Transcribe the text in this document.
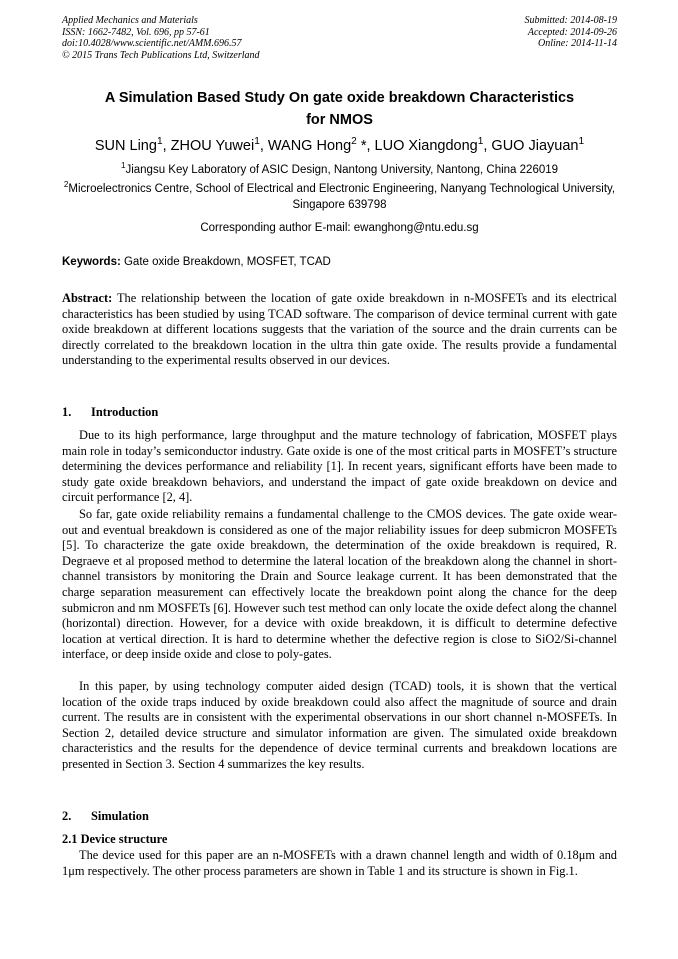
Applied Mechanics and Materials
ISSN: 1662-7482, Vol. 696, pp 57-61
doi:10.4028/www.scientific.net/AMM.696.57
© 2015 Trans Tech Publications Ltd, Switzerland
Submitted: 2014-08-19
Accepted: 2014-09-26
Online: 2014-11-14
A Simulation Based Study On gate oxide breakdown Characteristics
for NMOS
SUN Ling$^1$, ZHOU Yuwei$^1$, WANG Hong$^2$ *, LUO Xiangdong$^1$, GUO Jiayuan$^1$
$^1$Jiangsu Key Laboratory of ASIC Design, Nantong University, Nantong, China 226019
$^2$Microelectronics Centre, School of Electrical and Electronic Engineering, Nanyang Technological University, Singapore 639798
Corresponding author E-mail: ewanghong@ntu.edu.sg
Keywords: Gate oxide Breakdown, MOSFET, TCAD
Abstract: The relationship between the location of gate oxide breakdown in n-MOSFETs and its electrical characteristics has been studied by using TCAD software. The comparison of device terminal current with gate oxide breakdown at different locations suggests that the variation of the source and the drain currents can be directly correlated to the breakdown location in the ultra thin gate oxide. The results provide a fundamental understanding to the experimental results observed in our devices.
1. Introduction

Due to its high performance, large throughput and the mature technology of fabrication, MOSFET plays main role in today’s semiconductor industry. Gate oxide is one of the most critical parts in MOSFET’s structure determining the devices performance and reliability [1]. In recent years, significant efforts have been made to study gate oxide breakdown behaviors, and understand the impact of gate oxide breakdown on device and circuit performance [2, 4].

So far, gate oxide reliability remains a fundamental challenge to the CMOS devices. The gate oxide wear-out and eventual breakdown is considered as one of the major reliability issues for deep submicron MOSFETs [5]. To characterize the gate oxide breakdown, the determination of the oxide breakdown is required, R. Degraeve et al proposed method to determine the lateral location of the breakdown along the channel in short-channel transistors by monitoring the Drain and Source leakage current. It has been demonstrated that the charge separation measurement can effectively locate the breakdown point along the chance for the deep submicron and nm MOSFETs [6]. However such test method can only locate the oxide defect along the channel (horizontal) direction. However, for a device with oxide breakdown, it is difficult to determine defective location at vertical direction. It is hard to determine whether the defective region is close to SiO2/Si-channel interface, or deep inside oxide and close to poly-gates.

In this paper, by using technology computer aided design (TCAD) tools, it is shown that the vertical location of the oxide traps induced by oxide breakdown could also affect the magnitude of source and drain current. The results are in consistent with the experimental observations in our short channel n-MOSFETs. In Section 2, detailed device structure and simulator information are given. The simulated oxide breakdown characteristics and the results for the dependence of device terminal currents and breakdown locations are presented in Section 3. Section 4 summarizes the key results.

2. Simulation
2.1 Device structure

The device used for this paper are an n-MOSFETs with a drawn channel length and width of 0.18μm and 1μm respectively. The other process parameters are shown in Table 1 and its structure is shown in Fig.1.
